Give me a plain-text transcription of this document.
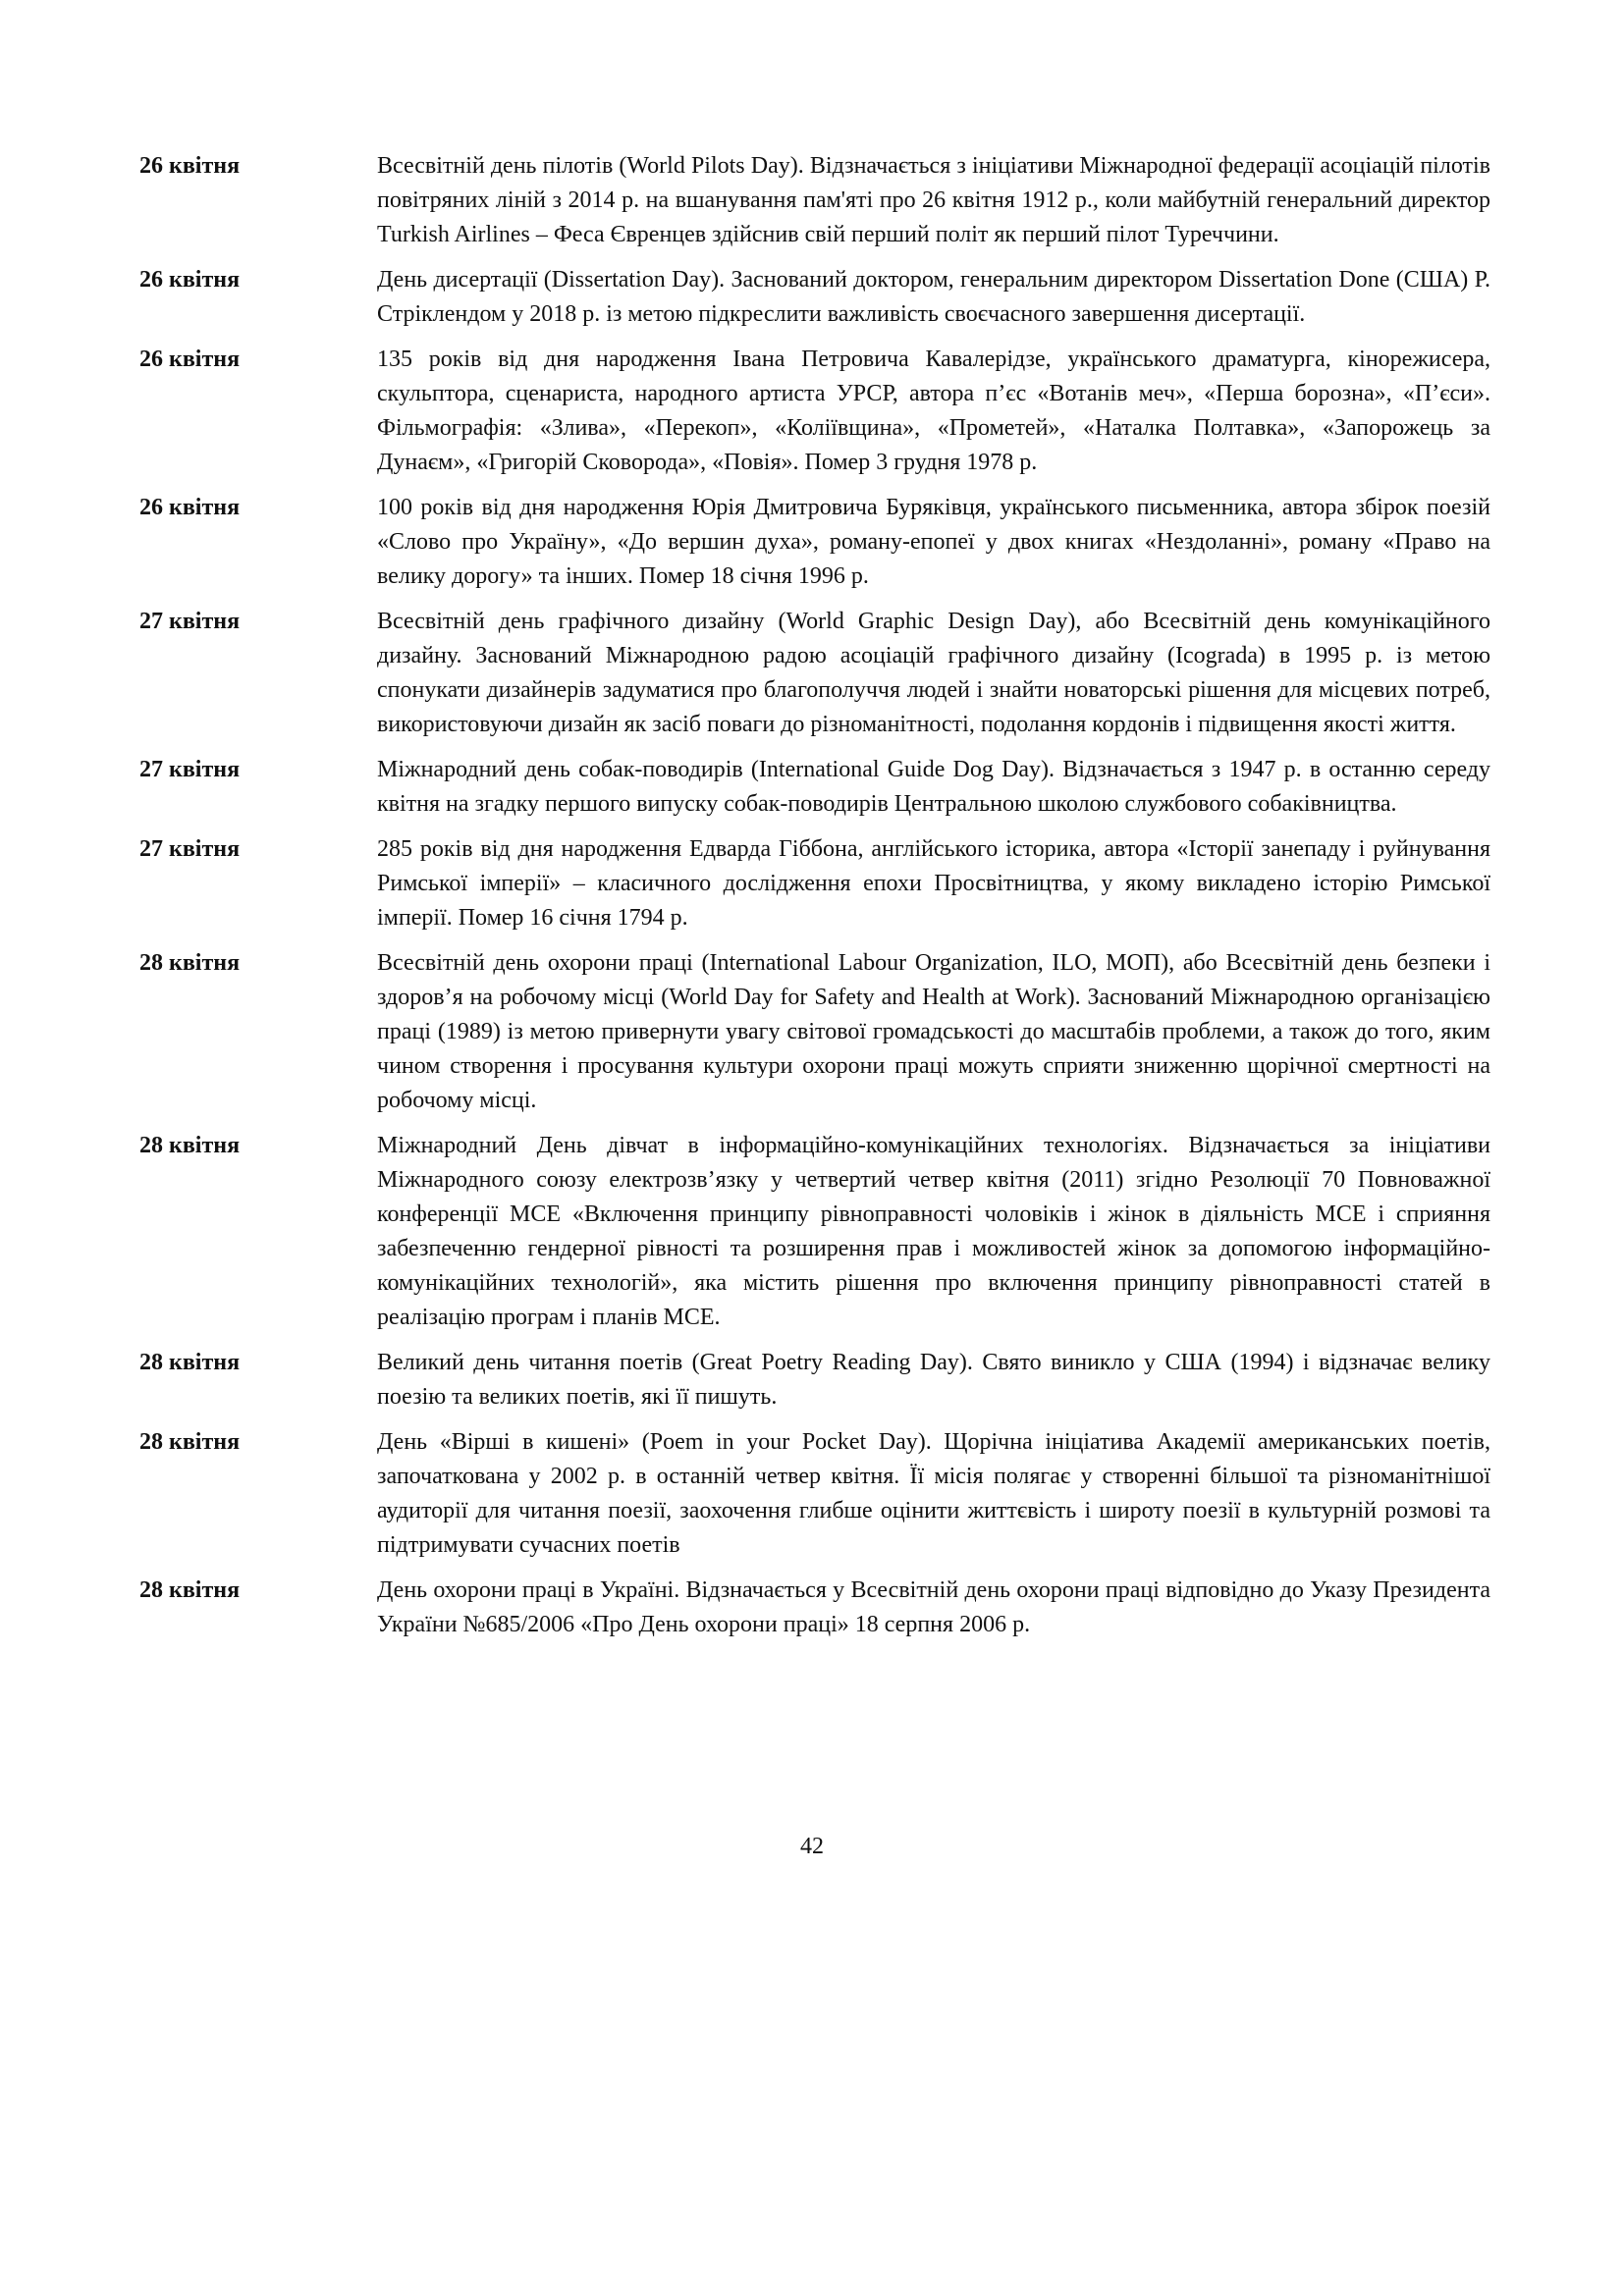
26 квітня	Всесвітній день пілотів (World Pilots Day). Відзначається з ініціативи Міжнародної федерації асоціацій пілотів повітряних ліній з 2014 р. на вшанування пам'яті про 26 квітня 1912 р., коли майбутній генеральний директор Turkish Airlines – Феса Євренцев здійснив свій перший політ як перший пілот Туреччини.
26 квітня	День дисертації (Dissertation Day). Заснований доктором, генеральним директором Dissertation Done (США) Р. Стріклендом у 2018 р. із метою підкреслити важливість своєчасного завершення дисертації.
26 квітня	135 років від дня народження Івана Петровича Кавалерідзе, українського драматурга, кінорежисера, скульптора, сценариста, народного артиста УРСР, автора п’єс «Вотанів меч», «Перша борозна», «П’єси». Фільмографія: «Злива», «Перекоп», «Коліївщина», «Прометей», «Наталка Полтавка», «Запорожець за Дунаєм», «Григорій Сковорода», «Повія». Помер 3 грудня 1978 р.
26 квітня	100 років від дня народження Юрія Дмитровича Буряківця, українського письменника, автора збірок поезій «Слово про Україну», «До вершин духа», роману-епопеї у двох книгах «Нездоланні», роману «Право на велику дорогу» та інших. Помер 18 січня 1996 р.
27 квітня	Всесвітній день графічного дизайну (World Graphic Design Day), або Всесвітній день комунікаційного дизайну. Заснований Міжнародною радою асоціацій графічного дизайну (Icograda) в 1995 р. із метою спонукати дизайнерів задуматися про благополуччя людей і знайти новаторські рішення для місцевих потреб, використовуючи дизайн як засіб поваги до різноманітності, подолання кордонів і підвищення якості життя.
27 квітня	Міжнародний день собак-поводирів (International Guide Dog Day). Відзначається з 1947 р. в останню середу квітня на згадку першого випуску собак-поводирів Центральною школою службового собаківництва.
27 квітня	285 років від дня народження Едварда Гіббона, англійського історика, автора «Історії занепаду і руйнування Римської імперії» – класичного дослідження епохи Просвітництва, у якому викладено історію Римської імперії. Помер 16 січня 1794 р.
28 квітня	Всесвітній день охорони праці (International Labour Organization, ILO, МОП), або Всесвітній день безпеки і здоров’я на робочому місці (World Day for Safety and Health at Work). Заснований Міжнародною організацією праці (1989) із метою привернути увагу світової громадськості до масштабів проблеми, а також до того, яким чином створення і просування культури охорони праці можуть сприяти зниженню щорічної смертності на робочому місці.
28 квітня	Міжнародний День дівчат в інформаційно-комунікаційних технологіях. Відзначається за ініціативи Міжнародного союзу електрозв’язку у четвертий четвер квітня (2011) згідно Резолюції 70 Повноважної конференції МСЕ «Включення принципу рівноправності чоловіків і жінок в діяльність МСЕ і сприяння забезпеченню гендерної рівності та розширення прав і можливостей жінок за допомогою інформаційно-комунікаційних технологій», яка містить рішення про включення принципу рівноправності статей в реалізацію програм і планів МСЕ.
28 квітня	Великий день читання поетів (Great Poetry Reading Day). Свято виникло у США (1994) і відзначає велику поезію та великих поетів, які її пишуть.
28 квітня	День «Вірші в кишені» (Poem in your Pocket Day). Щорічна ініціатива Академії американських поетів, започаткована у 2002 р. в останній четвер квітня. Її місія полягає у створенні більшої та різноманітнішої аудиторії для читання поезії, заохочення глибше оцінити життєвість і широту поезії в культурній розмові та підтримувати сучасних поетів
28 квітня	День охорони праці в Україні. Відзначається у Всесвітній день охорони праці відповідно до Указу Президента України №685/2006 «Про День охорони праці» 18 серпня 2006 р.
42
